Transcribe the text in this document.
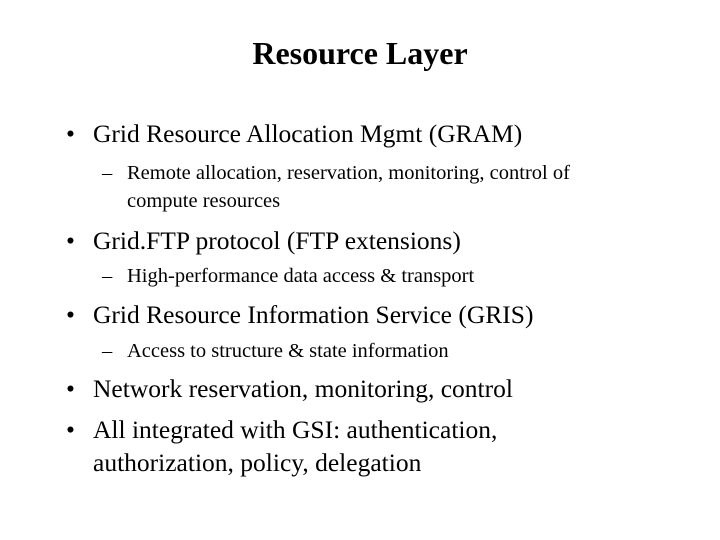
Resource Layer
• Grid Resource Allocation Mgmt (GRAM)
– Remote allocation, reservation, monitoring, control of
compute resources
• Grid.FTP protocol (FTP extensions)
– High-performance data access & transport
• Grid Resource Information Service (GRIS)
– Access to structure & state information
• Network reservation, monitoring, control
• All integrated with GSI: authentication,
authorization, policy, delegation
